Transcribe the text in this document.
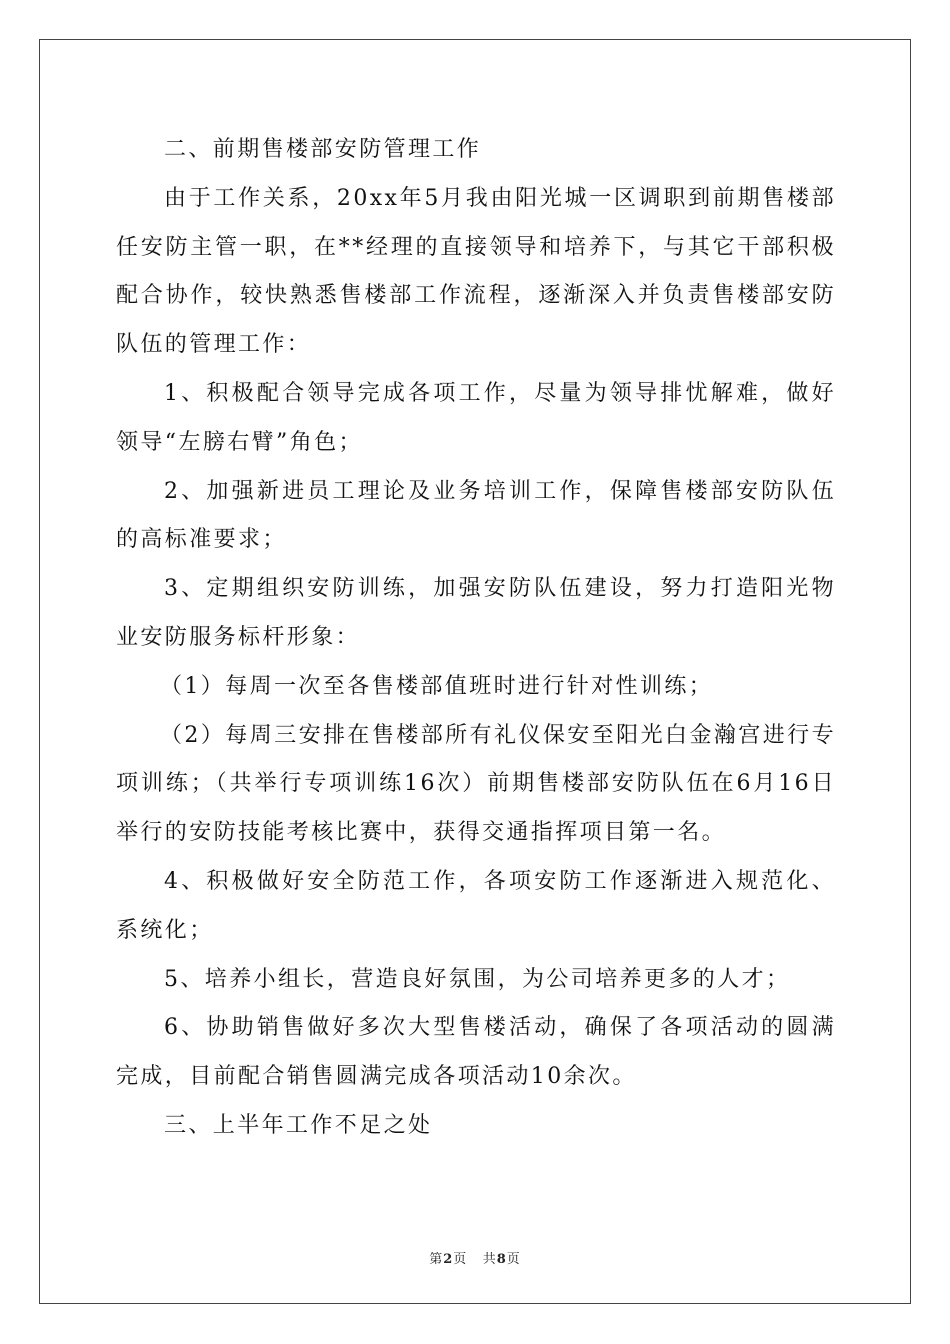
二、前期售楼部安防管理工作

由于工作关系，20xx年5月我由阳光城一区调职到前期售楼部任安防主管一职，在**经理的直接领导和培养下，与其它干部积极配合协作，较快熟悉售楼部工作流程，逐渐深入并负责售楼部安防队伍的管理工作：

1、积极配合领导完成各项工作，尽量为领导排忧解难，做好领导“左膀右臂”角色；

2、加强新进员工理论及业务培训工作，保障售楼部安防队伍的高标准要求；

3、定期组织安防训练，加强安防队伍建设，努力打造阳光物业安防服务标杆形象：

（1）每周一次至各售楼部值班时进行针对性训练；

（2）每周三安排在售楼部所有礼仪保安至阳光白金瀚宫进行专项训练；（共举行专项训练16次）前期售楼部安防队伍在6月16日举行的安防技能考核比赛中，获得交通指挥项目第一名。

4、积极做好安全防范工作，各项安防工作逐渐进入规范化、系统化；

5、培养小组长，营造良好氛围，为公司培养更多的人才；

6、协助销售做好多次大型售楼活动，确保了各项活动的圆满完成，目前配合销售圆满完成各项活动10余次。

三、上半年工作不足之处

第2页 共8页
